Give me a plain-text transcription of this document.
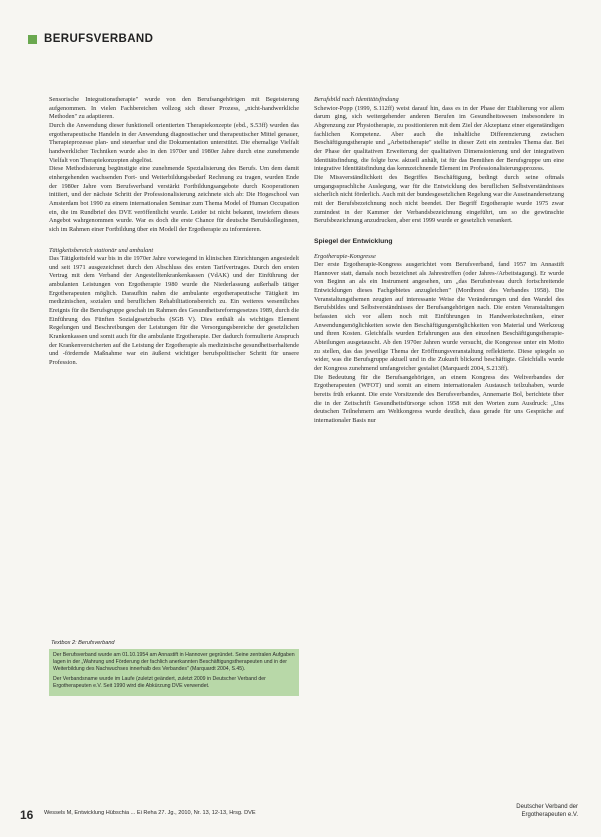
BERUFSVERBAND

Sensorische Integrationstherapie" wurde von den Berufsangehörigen mit Begeisterung aufgenommen. In vielen Fachbereichen vollzog sich dieser Prozess, „nicht-handwerkliche Methoden" zu adaptieren.

Durch die Anwendung dieser funktionell orientierten Therapiekonzepte (ebd., S.53ff) wurden das ergotherapeutische Handeln in der Anwendung diagnostischer und therapeutischer Mittel genauer, Therapieprozesse plan- und steuerbar und die Dokumentation unterstützt. Die ehemalige Vielfalt handwerklicher Techniken wurde also in den 1970er und 1980er Jahre durch eine zunehmende Vielfalt von Therapiekonzepten abgelöst.

Diese Methodisierung begünstigte eine zunehmende Spezialisierung des Berufs. Um dem damit einhergehenden wachsenden Fort- und Weiterbildungsbedarf Rechnung zu tragen, wurden Ende der 1980er Jahre vom Berufsverband verstärkt Fortbildungsangebote durch Kooperationen initiiert, und der nächste Schritt der Professionalisierung zeichnete sich ab: Die Hogeschool van Amsterdam bot 1990 zu einem internationalen Seminar zum Thema Model of Human Occupation ein, die im Rundbrief des DVE veröffentlicht wurde. Leider ist nicht bekannt, inwiefern dieses Angebot wahrgenommen wurde. War es doch die erste Chance für deutsche Berufskolleginnen, sich im Rahmen einer Fortbildung über ein Modell der Ergotherapie zu informieren.

Tätigkeitsbereich stationär und ambulant

Das Tätigkeitsfeld war bis in die 1970er Jahre vorwiegend in klinischen Einrichtungen angesiedelt und seit 1971 ausgezeichnet durch den Abschluss des ersten Tarifvertrages. Durch den ersten Vertrag mit dem Verband der Angestelltenkrankenkassen (VdAK) und der Einführung der ambulanten Leistungen von Ergotherapie 1980 wurde die Niederlassung außerhalb tätiger Ergotherapeuten möglich. Daraufhin nahm die ambulante ergotherapeutische Tätigkeit im medizinischen, sozialen und beruflichen Rehabilitationsbereich zu. Ein weiteres wesentliches Ereignis für die Berufsgruppe geschah im Rahmen des Gesundheitsreformgesetzes 1989, durch die Einführung des Fünften Sozialgesetzbuchs (SGB V). Dies enthält als wichtiges Element Regelungen und Beschreibungen der Leistungen für die Versorgungsbereiche der gesetzlichen Krankenkassen und somit auch für die ambulante Ergotherapie. Der dadurch formulierte Anspruch der Krankenversicherten auf die Leistung der Ergotherapie als medizinische gesundheitserhaltende und -fördernde Maßnahme war ein äußerst wichtiger berufspolitischer Schritt für unsere Profession.

Textbox 2: Berufsverband

Der Berufsverband wurde am 01.10.1954 am Annastift in Hannover gegründet. Seine zentralen Aufgaben lagen in der „Wahrung und Förderung der fachlich anerkannten Beschäftigungstherapeuten und in der Weiterbildung des Nachwuchses innerhalb des Verbandes" (Marquardt 2004, S.45).

Der Verbandsname wurde im Laufe (zuletzt geändert, zuletzt 2009 in Deutscher Verband der Ergotherapeuten e.V. Seit 1990 wird die Abkürzung DVE verwendet.

Berufsbild nach Identitätsfindung

Schewior-Popp (1999, S.112ff) weist darauf hin, dass es in der Phase der Etablierung vor allem darum ging, sich weitergehender anderen Berufen im Gesundheitswesen insbesondere in Abgrenzung zur Physiotherapie, zu positionieren mit dem Ziel der Akzeptanz einer eigenständigen fachlichen Kompetenz. Aber auch die inhaltliche Differenzierung zwischen Beschäftigungstherapie und „Arbeitstherapie" stellte in dieser Zeit ein zentrales Thema dar. Bei der Phase der qualitativen Erweiterung der qualitativen Dimensionierung und der integrativen Identitätsfindung, die folgte bzw. aktuell anhält, ist für das Bemühen der Berufsgruppe um eine integrative Identitätsfindung das kennzeichnende Element im Professionalisierungsprozess.

Die Missverständlichkeit des Begriffes Beschäftigung, bedingt durch seine oftmals umgangssprachliche Auslegung, war für die Entwicklung des beruflichen Selbstverständnisses sicherlich nicht förderlich. Auch mit der bundesgesetzlichen Regelung war die Auseinandersetzung mit der Berufsbezeichnung noch nicht beendet. Der Begriff Ergotherapie wurde 1975 zwar zumindest in der Kammer der Verbandsbezeichnung eingeführt, um so die gewünschte Berufsbezeichnung anzudrucken, aber erst 1999 wurde er gesetzlich verankert.

Spiegel der Entwicklung
Ergotherapie-Kongresse

Der erste Ergotherapie-Kongress ausgerichtet vom Berufsverband, fand 1957 im Annastift Hannover statt, damals noch bezeichnet als Jahrestreffen (oder Jahres-/Arbeitstagung). Er wurde von Beginn an als ein Instrument angesehen, um „das Berufsniveau durch fortschreitende Entwicklungen dieses Fachgebietes anzugleichen" (Mordhorst des Verbandes 1958). Die Veranstaltungsthemen zeugten auf interessante Weise die Veränderungen und den Wandel des Berufsbildes und Selbstverständnisses der Berufsangehörigen nach. Die ersten Veranstaltungen befassten sich vor allem noch mit Einführungen in Handwerkstechniken, einer Anwendungsmöglichkeiten sowie den Beschäftigungsmöglichkeiten von Material und Werkzeug und ihren Kosten. Gleichfalls wurden Erfahrungen aus den einzelnen Beschäftigungstherapie-Abteilungen ausgetauscht. Ab den 1970er Jahren wurde versucht, die Kongresse unter ein Motto zu stellen, das das jeweilige Thema der Eröffnungsveranstaltung reflektierte. Diese spiegeln so wider, was die Berufsgruppe aktuell und in die Zukunft blickend beschäftigte. Gleichfalls wurde der Kongress zunehmend umfangreicher gestaltet (Marquardt 2004, S.213ff).

Die Bedeutung für die Berufsangehörigen, an einem Kongress des Weltverbandes der Ergotherapeuten (WFOT) und somit an einem internationalen Austausch teilzuhaben, wurde bereits früh erkannt. Die erste Vorsitzende des Berufsverbandes, Annemarie Bol, berichtete über die in der Zeitschrift Gesundheitsfürsorge schon 1958 mit den Worten zum Ausdruck: „Uns deutschen Teilnehmern am Weltkongress wurde deutlich, dass gerade für uns Gespräche auf internationaler Basis nur

16 Wessels M, Entwicklung Hübschia ... Ei Reha 27. Jg., 2010, Nr. 13, 12-13, Hrsg. DVE
Deutscher Verband der
Ergotherapeuten e.V.
